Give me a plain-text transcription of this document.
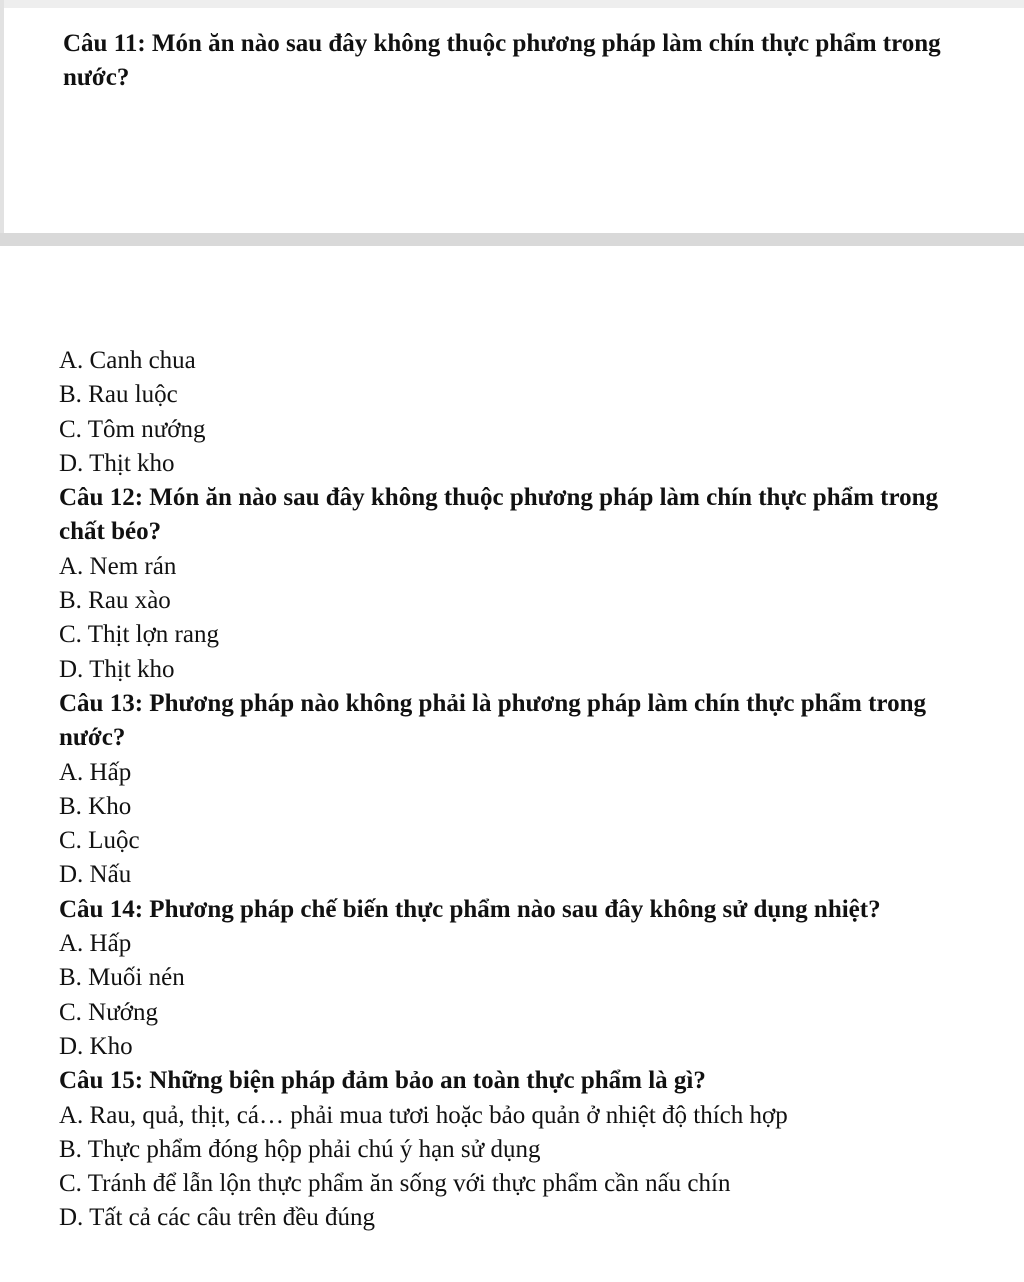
Câu 11: Món ăn nào sau đây không thuộc phương pháp làm chín thực phẩm trong nước?
A. Canh chua
B. Rau luộc
C. Tôm nướng
D. Thịt kho
Câu 12: Món ăn nào sau đây không thuộc phương pháp làm chín thực phẩm trong chất béo?
A. Nem rán
B. Rau xào
C. Thịt lợn rang
D. Thịt kho
Câu 13: Phương pháp nào không phải là phương pháp làm chín thực phẩm trong nước?
A. Hấp
B. Kho
C. Luộc
D. Nấu
Câu 14: Phương pháp chế biến thực phẩm nào sau đây không sử dụng nhiệt?
A. Hấp
B. Muối nén
C. Nướng
D. Kho
Câu 15: Những biện pháp đảm bảo an toàn thực phẩm là gì?
A. Rau, quả, thịt, cá… phải mua tươi hoặc bảo quản ở nhiệt độ thích hợp
B. Thực phẩm đóng hộp phải chú ý hạn sử dụng
C. Tránh để lẫn lộn thực phẩm ăn sống với thực phẩm cần nấu chín
D. Tất cả các câu trên đều đúng
